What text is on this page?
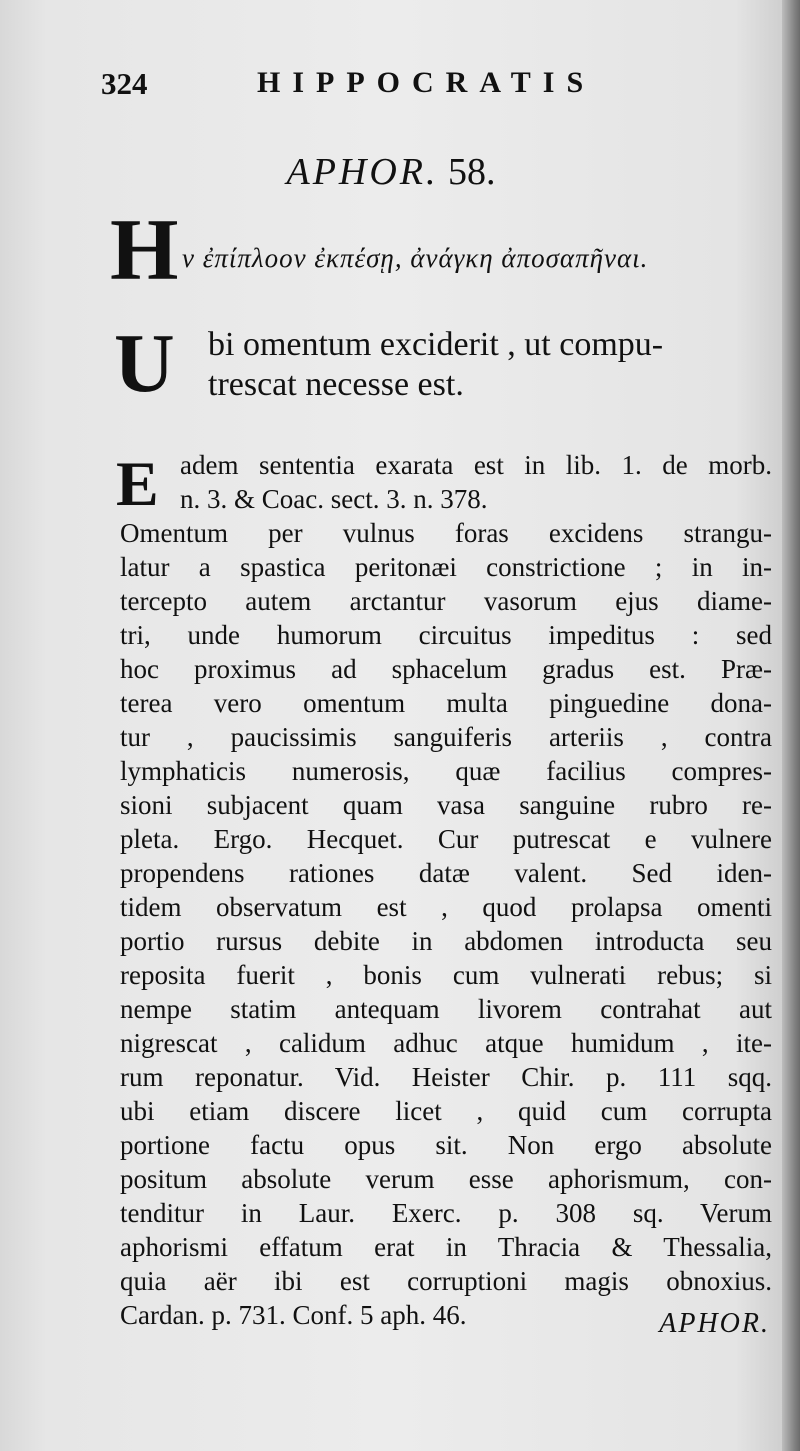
324	HIPPOCRATIS
APHOR. 58.
H ν ἐπίπλοον ἐκπέσῃ, ἀνάγκη ἀποσαπῆναι.
U bi omentum exciderit , ut compu-
trescat necesse est.
E adem sententia exarata est in lib. 1. de morb.
n. 3. & Coac. sect. 3. n. 378.
Omentum per vulnus foras excidens strangu-
latur a spastica peritonæi constrictione ; in in-
tercepto autem arctantur vasorum ejus diame-
tri, unde humorum circuitus impeditus : sed
hoc proximus ad sphacelum gradus est. Præ-
terea vero omentum multa pinguedine dona-
tur , paucissimis sanguiferis arteriis , contra
lymphaticis numerosis, quæ facilius compres-
sioni subjacent quam vasa sanguine rubro re-
pleta. Ergo. Hecquet. Cur putrescat e vulnere
propendens rationes datæ valent. Sed iden-
tidem observatum est , quod prolapsa omenti
portio rursus debite in abdomen introducta seu
reposita fuerit , bonis cum vulnerati rebus; si
nempe statim antequam livorem contrahat aut
nigrescat , calidum adhuc atque humidum , ite-
rum reponatur. Vid. Heister Chir. p. 111 sqq.
ubi etiam discere licet , quid cum corrupta
portione factu opus sit. Non ergo absolute
positum absolute verum esse aphorismum, con-
tenditur in Laur. Exerc. p. 308 sq. Verum
aphorismi effatum erat in Thracia & Thessalia,
quia aër ibi est corruptioni magis obnoxius.
Cardan. p. 731. Conf. 5 aph. 46.	APHOR.
